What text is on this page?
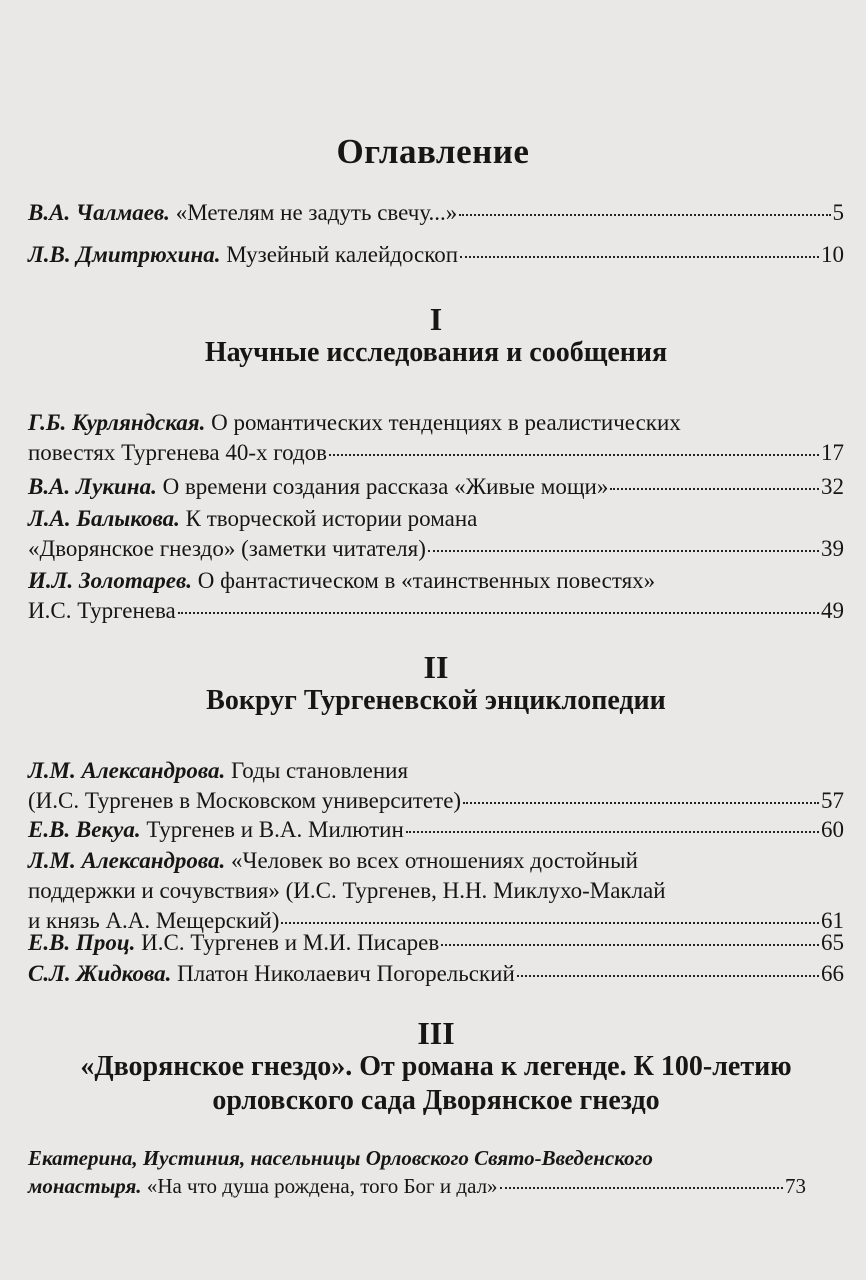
Оглавление
В.А. Чалмаев. «Метелям не задуть свечу...»	5
Л.В. Дмитрюхина. Музейный калейдоскоп	10
I
Научные исследования и сообщения
Г.Б. Курляндская. О романтических тенденциях в реалистических
повестях Тургенева 40-х годов	17
В.А. Лукина. О времени создания рассказа «Живые мощи»	32
Л.А. Балыкова. К творческой истории романа
«Дворянское гнездо» (заметки читателя)	39
И.Л. Золотарев. О фантастическом в «таинственных повестях»
И.С. Тургенева	49
II
Вокруг Тургеневской энциклопедии
Л.М. Александрова. Годы становления
(И.С. Тургенев в Московском университете)	57
Е.В. Векуа. Тургенев и В.А. Милютин	60
Л.М. Александрова. «Человек во всех отношениях достойный
поддержки и сочувствия» (И.С. Тургенев, Н.Н. Миклухо-Маклай
и князь А.А. Мещерский)	61
Е.В. Проц. И.С. Тургенев и М.И. Писарев	65
С.Л. Жидкова. Платон Николаевич Погорельский	66
III
«Дворянское гнездо». От романа к легенде. К 100-летию
орловского сада Дворянское гнездо
Екатерина, Иустиния, насельницы Орловского Свято-Введенского
монастыря. «На что душа рождена, того Бог и дал»	73
